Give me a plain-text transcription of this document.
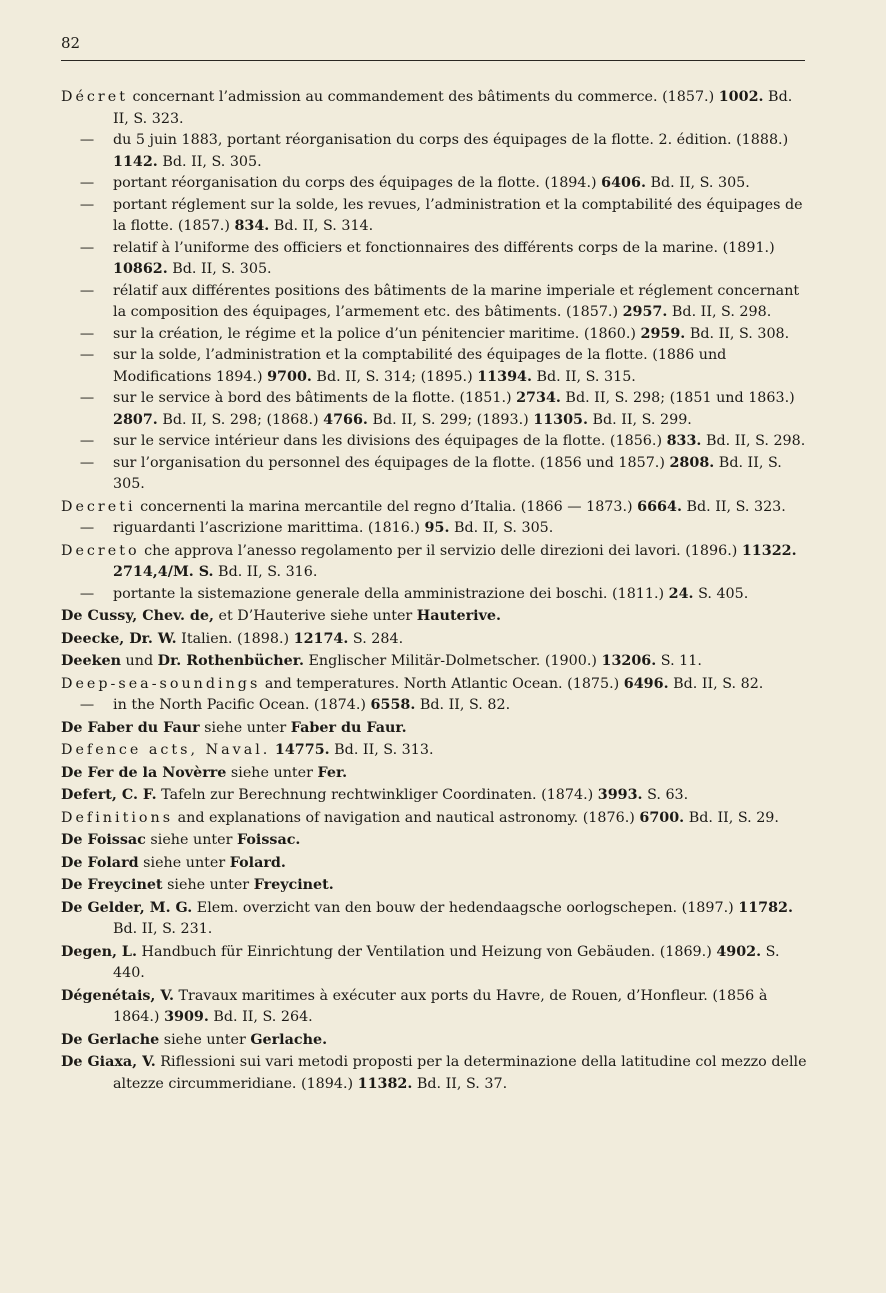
82

Décret concernant l’admission au commandement des bâtiments du commerce. (1857.) 1002. Bd. II, S. 323.

— du 5 juin 1883, portant réorganisation du corps des équipages de la flotte. 2. édition. (1888.) 1142. Bd. II, S. 305.

— portant réorganisation du corps des équipages de la flotte. (1894.) 6406. Bd. II, S. 305.

— portant réglement sur la solde, les revues, l’administration et la comptabilité des équipages de la flotte. (1857.) 834. Bd. II, S. 314.

— relatif à l’uniforme des officiers et fonctionnaires des différents corps de la marine. (1891.) 10862. Bd. II, S. 305.

— rélatif aux différentes positions des bâtiments de la marine imperiale et réglement concernant la composition des équipages, l’armement etc. des bâtiments. (1857.) 2957. Bd. II, S. 298.

— sur la création, le régime et la police d’un pénitencier maritime. (1860.) 2959. Bd. II, S. 308.

— sur la solde, l’administration et la comptabilité des équipages de la flotte. (1886 und Modifications 1894.) 9700. Bd. II, S. 314; (1895.) 11394. Bd. II, S. 315.

— sur le service à bord des bâtiments de la flotte. (1851.) 2734. Bd. II, S. 298; (1851 und 1863.) 2807. Bd. II, S. 298; (1868.) 4766. Bd. II, S. 299; (1893.) 11305. Bd. II, S. 299.

— sur le service intérieur dans les divisions des équipages de la flotte. (1856.) 833. Bd. II, S. 298.

— sur l’organisation du personnel des équipages de la flotte. (1856 und 1857.) 2808. Bd. II, S. 305.

Decreti concernenti la marina mercantile del regno d’Italia. (1866 — 1873.) 6664. Bd. II, S. 323.

— riguardanti l’ascrizione marittima. (1816.) 95. Bd. II, S. 305.

Decreto che approva l’anesso regolamento per il servizio delle direzioni dei lavori. (1896.) 11322. 2714,4/M. S. Bd. II, S. 316.

— portante la sistemazione generale della amministrazione dei boschi. (1811.) 24. S. 405.

De Cussy, Chev. de, et D’Hauterive siehe unter Hauterive.

Deecke, Dr. W. Italien. (1898.) 12174. S. 284.

Deeken und Dr. Rothenbücher. Englischer Militär-Dolmetscher. (1900.) 13206. S. 11.

Deep-sea-soundings and temperatures. North Atlantic Ocean. (1875.) 6496. Bd. II, S. 82.

— in the North Pacific Ocean. (1874.) 6558. Bd. II, S. 82.

De Faber du Faur siehe unter Faber du Faur.

Defence acts, Naval. 14775. Bd. II, S. 313.

De Fer de la Novèrre siehe unter Fer.

Defert, C. F. Tafeln zur Berechnung rechtwinkliger Coordinaten. (1874.) 3993. S. 63.

Definitions and explanations of navigation and nautical astronomy. (1876.) 6700. Bd. II, S. 29.

De Foissac siehe unter Foissac.

De Folard siehe unter Folard.

De Freycinet siehe unter Freycinet.

De Gelder, M. G. Elem. overzicht van den bouw der hedendaagsche oorlogschepen. (1897.) 11782. Bd. II, S. 231.

Degen, L. Handbuch für Einrichtung der Ventilation und Heizung von Gebäuden. (1869.) 4902. S. 440.

Dégenétais, V. Travaux maritimes à exécuter aux ports du Havre, de Rouen, d’Honfleur. (1856 à 1864.) 3909. Bd. II, S. 264.

De Gerlache siehe unter Gerlache.

De Giaxa, V. Riflessioni sui vari metodi proposti per la determinazione della latitudine col mezzo delle altezze circummeridiane. (1894.) 11382. Bd. II, S. 37.
